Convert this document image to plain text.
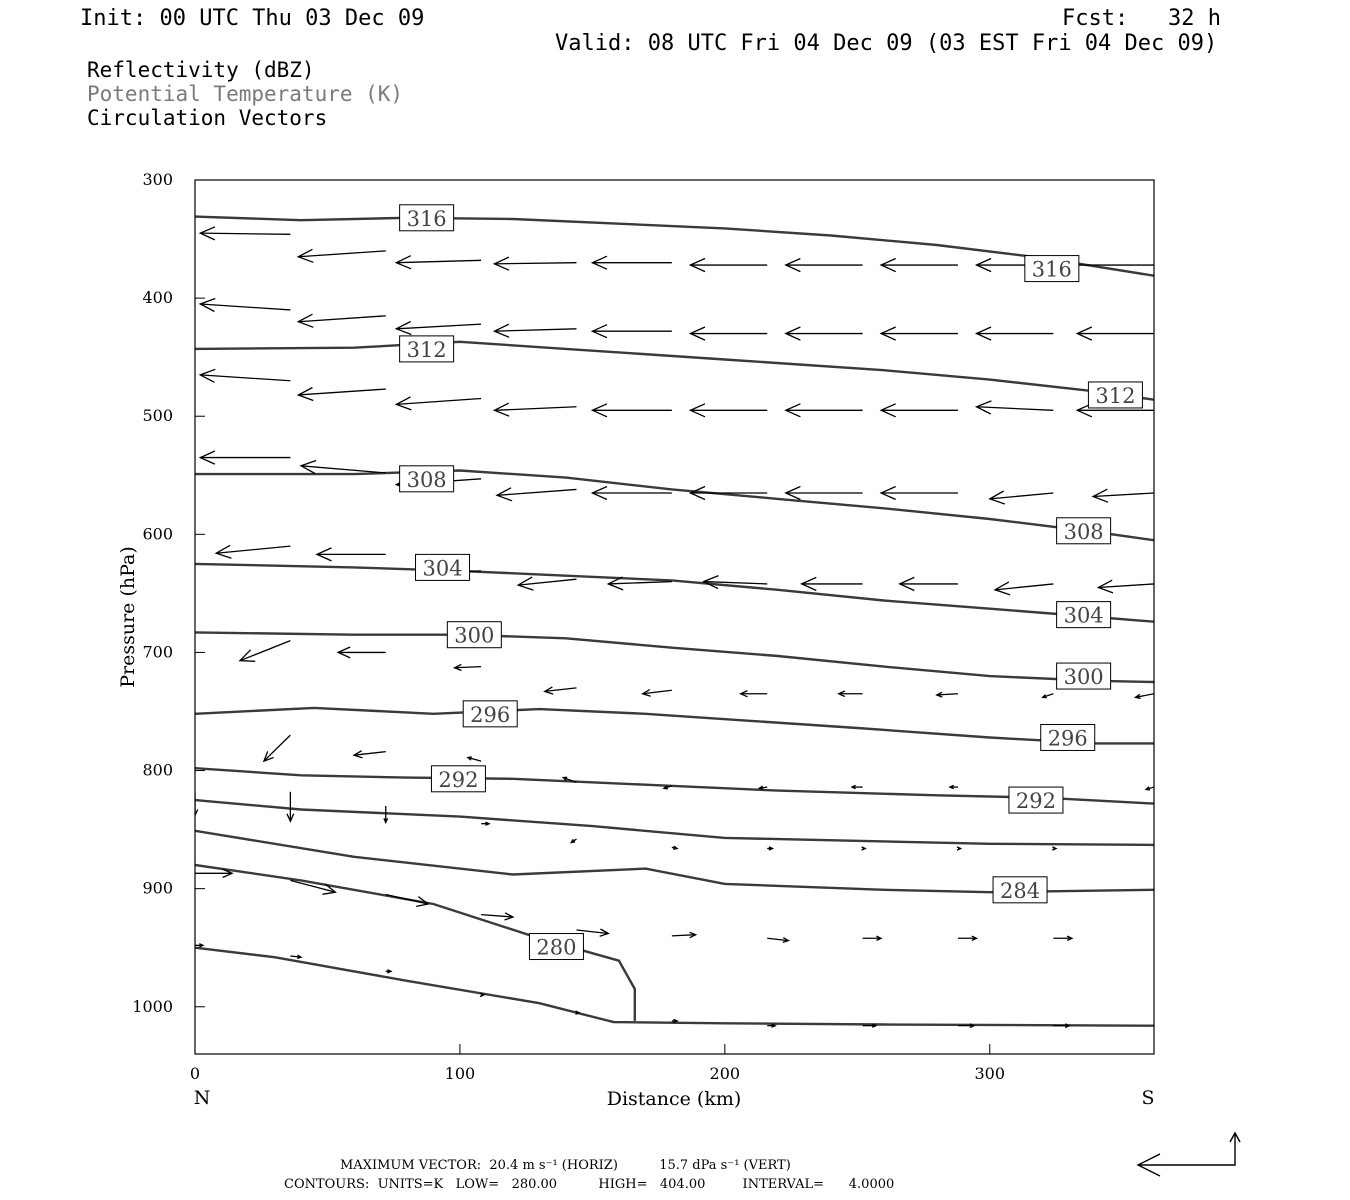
Init: 00 UTC Thu 03 Dec 09	Fcst:   32 h
Valid: 08 UTC Fri 04 Dec 09 (03 EST Fri 04 Dec 09)
Reflectivity (dBZ)
Potential Temperature (K)
Circulation Vectors
316
316
312
312
308
308
304
304
300
300
296
296
292
292
284
280
300
400
500
600
700
800
900
1000
0	100	200	300
Distance (km)
Pressure (hPa)
N	S
MAXIMUM VECTOR:  20.4 m s⁻¹ (HORIZ)          15.7 dPa s⁻¹ (VERT)
CONTOURS:  UNITS=K   LOW=   280.00          HIGH=   404.00         INTERVAL=      4.0000
